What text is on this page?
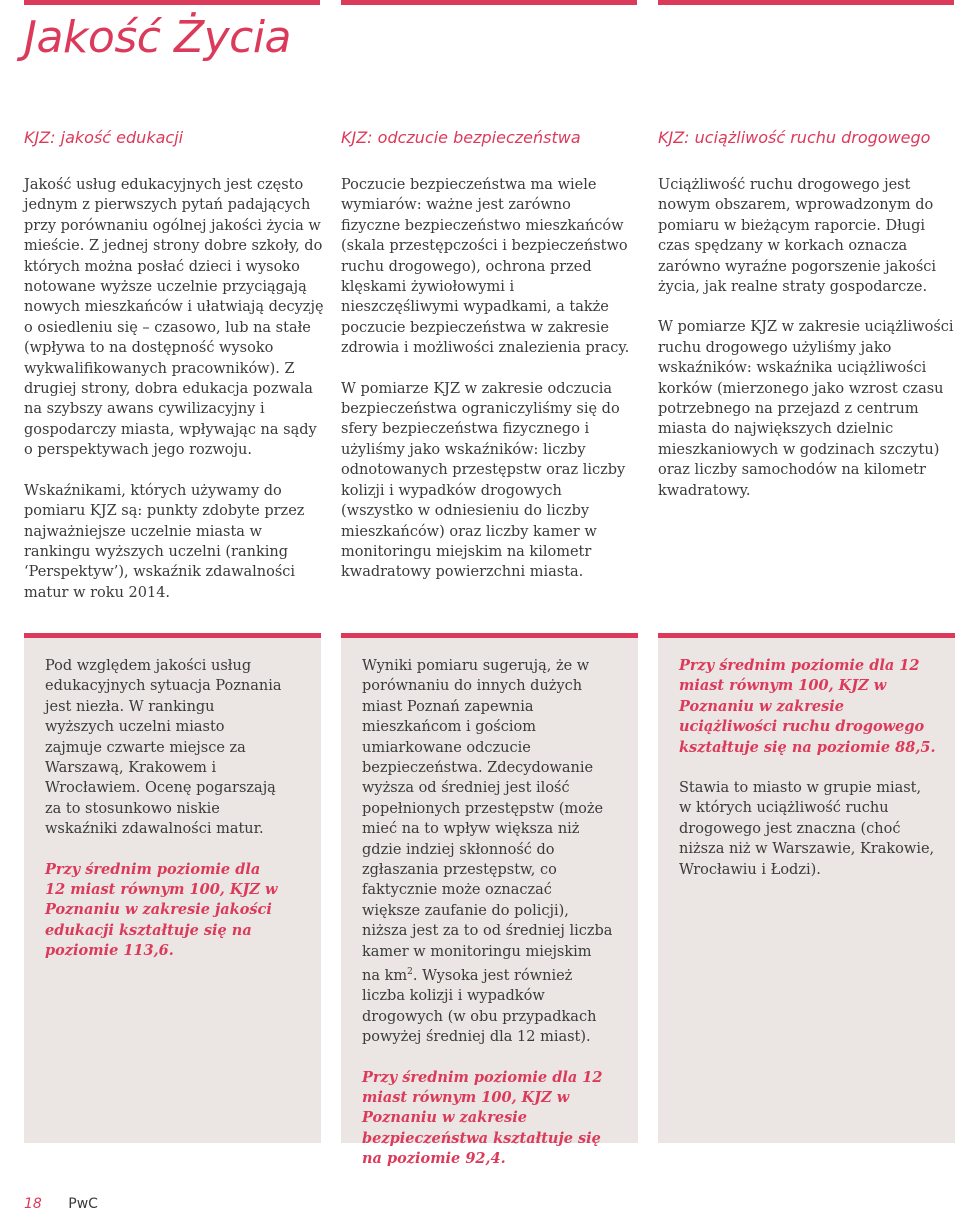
Jakość Życia
KJZ: jakość edukacji

Jakość usług edukacyjnych jest często jednym z pierwszych pytań padających przy porównaniu ogólnej jakości życia w mieście. Z jednej strony dobre szkoły, do których można posłać dzieci i wysoko notowane wyższe uczelnie przyciągają nowych mieszkańców i ułatwiają decyzję o osiedleniu się – czasowo, lub na stałe (wpływa to na dostępność wysoko wykwalifikowanych pracowników). Z drugiej strony, dobra edukacja pozwala na szybszy awans cywilizacyjny i gospodarczy miasta, wpływając na sądy o perspektywach jego rozwoju.

Wskaźnikami, których używamy do pomiaru KJZ są: punkty zdobyte przez najważniejsze uczelnie miasta w rankingu wyższych uczelni (ranking ‘Perspektyw’), wskaźnik zdawalności matur w roku 2014.

KJZ: odczucie bezpieczeństwa

Poczucie bezpieczeństwa ma wiele wymiarów: ważne jest zarówno fizyczne bezpieczeństwo mieszkańców (skala przestępczości i bezpieczeństwo ruchu drogowego), ochrona przed klęskami żywiołowymi i nieszczęśliwymi wypadkami, a także poczucie bezpieczeństwa w zakresie zdrowia i możliwości znalezienia pracy.

W pomiarze KJZ w zakresie odczucia bezpieczeństwa ograniczyliśmy się do sfery bezpieczeństwa fizycznego i użyliśmy jako wskaźników: liczby odnotowanych przestępstw oraz liczby kolizji i wypadków drogowych (wszystko w odniesieniu do liczby mieszkańców) oraz liczby kamer w monitoringu miejskim na kilometr kwadratowy powierzchni miasta.

KJZ: uciążliwość ruchu drogowego

Uciążliwość ruchu drogowego jest nowym obszarem, wprowadzonym do pomiaru w bieżącym raporcie. Długi czas spędzany w korkach oznacza zarówno wyraźne pogorszenie jakości życia, jak realne straty gospodarcze.

W pomiarze KJZ w zakresie uciążliwości ruchu drogowego użyliśmy jako wskaźników: wskaźnika uciążliwości korków (mierzonego jako wzrost czasu potrzebnego na przejazd z centrum miasta do największych dzielnic mieszkaniowych w godzinach szczytu) oraz liczby samochodów na kilometr kwadratowy.

Pod względem jakości usług edukacyjnych sytuacja Poznania jest niezła. W rankingu wyższych uczelni miasto zajmuje czwarte miejsce za Warszawą, Krakowem i Wrocławiem. Ocenę pogarszają za to stosunkowo niskie wskaźniki zdawalności matur.

Przy średnim poziomie dla 12 miast równym 100, KJZ w Poznaniu w zakresie jakości edukacji kształtuje się na poziomie 113,6.

Wyniki pomiaru sugerują, że w porównaniu do innych dużych miast Poznań zapewnia mieszkańcom i gościom umiarkowane odczucie bezpieczeństwa. Zdecydowanie wyższa od średniej jest ilość popełnionych przestępstw (może mieć na to wpływ większa niż gdzie indziej skłonność do zgłaszania przestępstw, co faktycznie może oznaczać większe zaufanie do policji), niższa jest za to od średniej liczba kamer w monitoringu miejskim na $km^2$. Wysoka jest również liczba kolizji i wypadków drogowych (w obu przypadkach powyżej średniej dla 12 miast).

Przy średnim poziomie dla 12 miast równym 100, KJZ w Poznaniu w zakresie bezpieczeństwa kształtuje się na poziomie 92,4.

Przy średnim poziomie dla 12 miast równym 100, KJZ w Poznaniu w zakresie uciążliwości ruchu drogowego kształtuje się na poziomie 88,5.

Stawia to miasto w grupie miast, w których uciążliwość ruchu drogowego jest znaczna (choć niższa niż w Warszawie, Krakowie, Wrocławiu i Łodzi).

18 PwC
